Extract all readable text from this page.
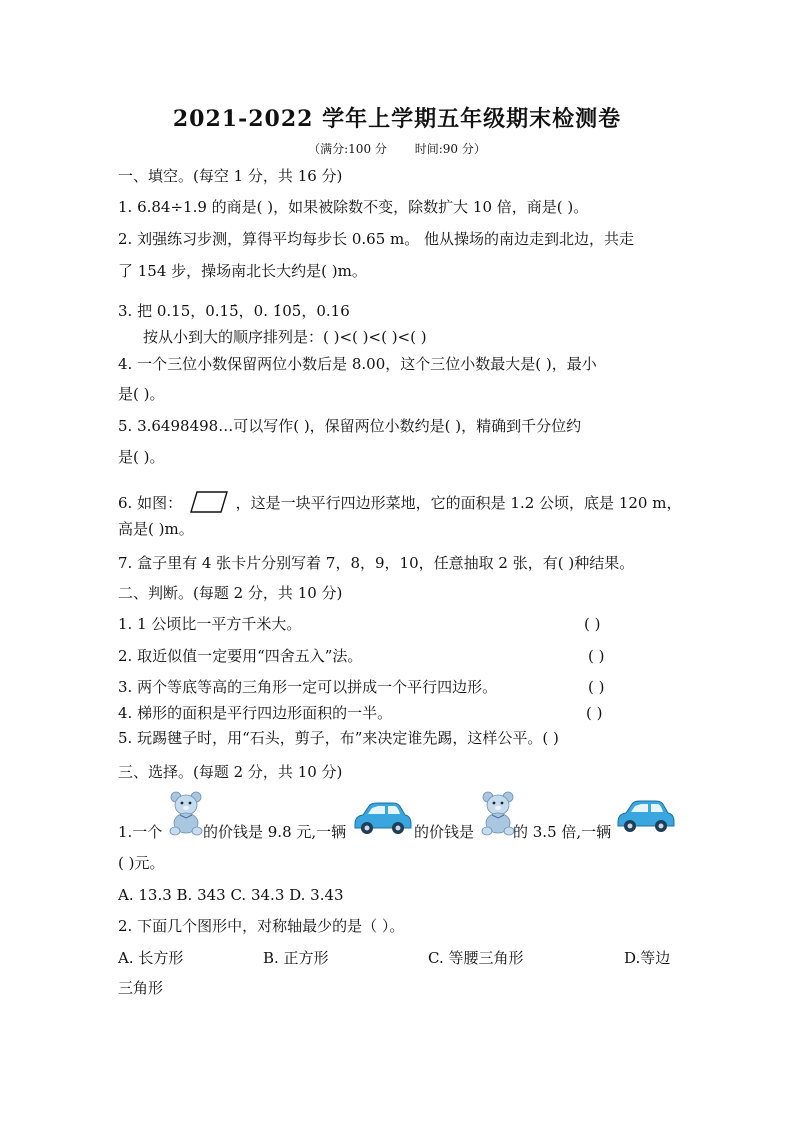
2021-2022 学年上学期五年级期末检测卷
（满分:100 分 时间:90 分）
一、填空。(每空 1 分，共 16 分)
1. 6.84÷1.9 的商是( )，如果被除数不变，除数扩大 10 倍，商是( )。
2. 刘强练习步测，算得平均每步长 0.65 m。 他从操场的南边走到北边，共走
了 154 步，操场南北长大约是( )m。
3. 把 0.15，0.15̇，0. 1̇05̇，0.16
按从小到大的顺序排列是：( )<( )<( )<( )
4. 一个三位小数保留两位小数后是 8.00，这个三位小数最大是( )，最小
是( )。
5. 3.6498498…可以写作( )，保留两位小数约是( )，精确到千分位约
是( )。
6. 如图：	，这是一块平行四边形菜地，它的面积是 1.2 公顷，底是 120 m，
高是( )m。
7. 盒子里有 4 张卡片分别写着 7，8，9，10，任意抽取 2 张，有( )种结果。
二、判断。(每题 2 分，共 10 分)
1. 1 公顷比一平方千米大。	( )
2. 取近似值一定要用“四舍五入”法。	( )
3. 两个等底等高的三角形一定可以拼成一个平行四边形。	( )
4. 梯形的面积是平行四边形面积的一半。	( )
5. 玩踢毽子时，用“石头，剪子，布”来决定谁先踢，这样公平。( )
三、选择。(每题 2 分，共 10 分)
1.一个	的价钱是 9.8 元,一辆	的价钱是	的 3.5 倍,一辆
( )元。
A. 13.3 B. 343 C. 34.3 D. 3.43
2. 下面几个图形中，对称轴最少的是（ ）。
A. 长方形	B. 正方形	C. 等腰三角形	D.等边
三角形
